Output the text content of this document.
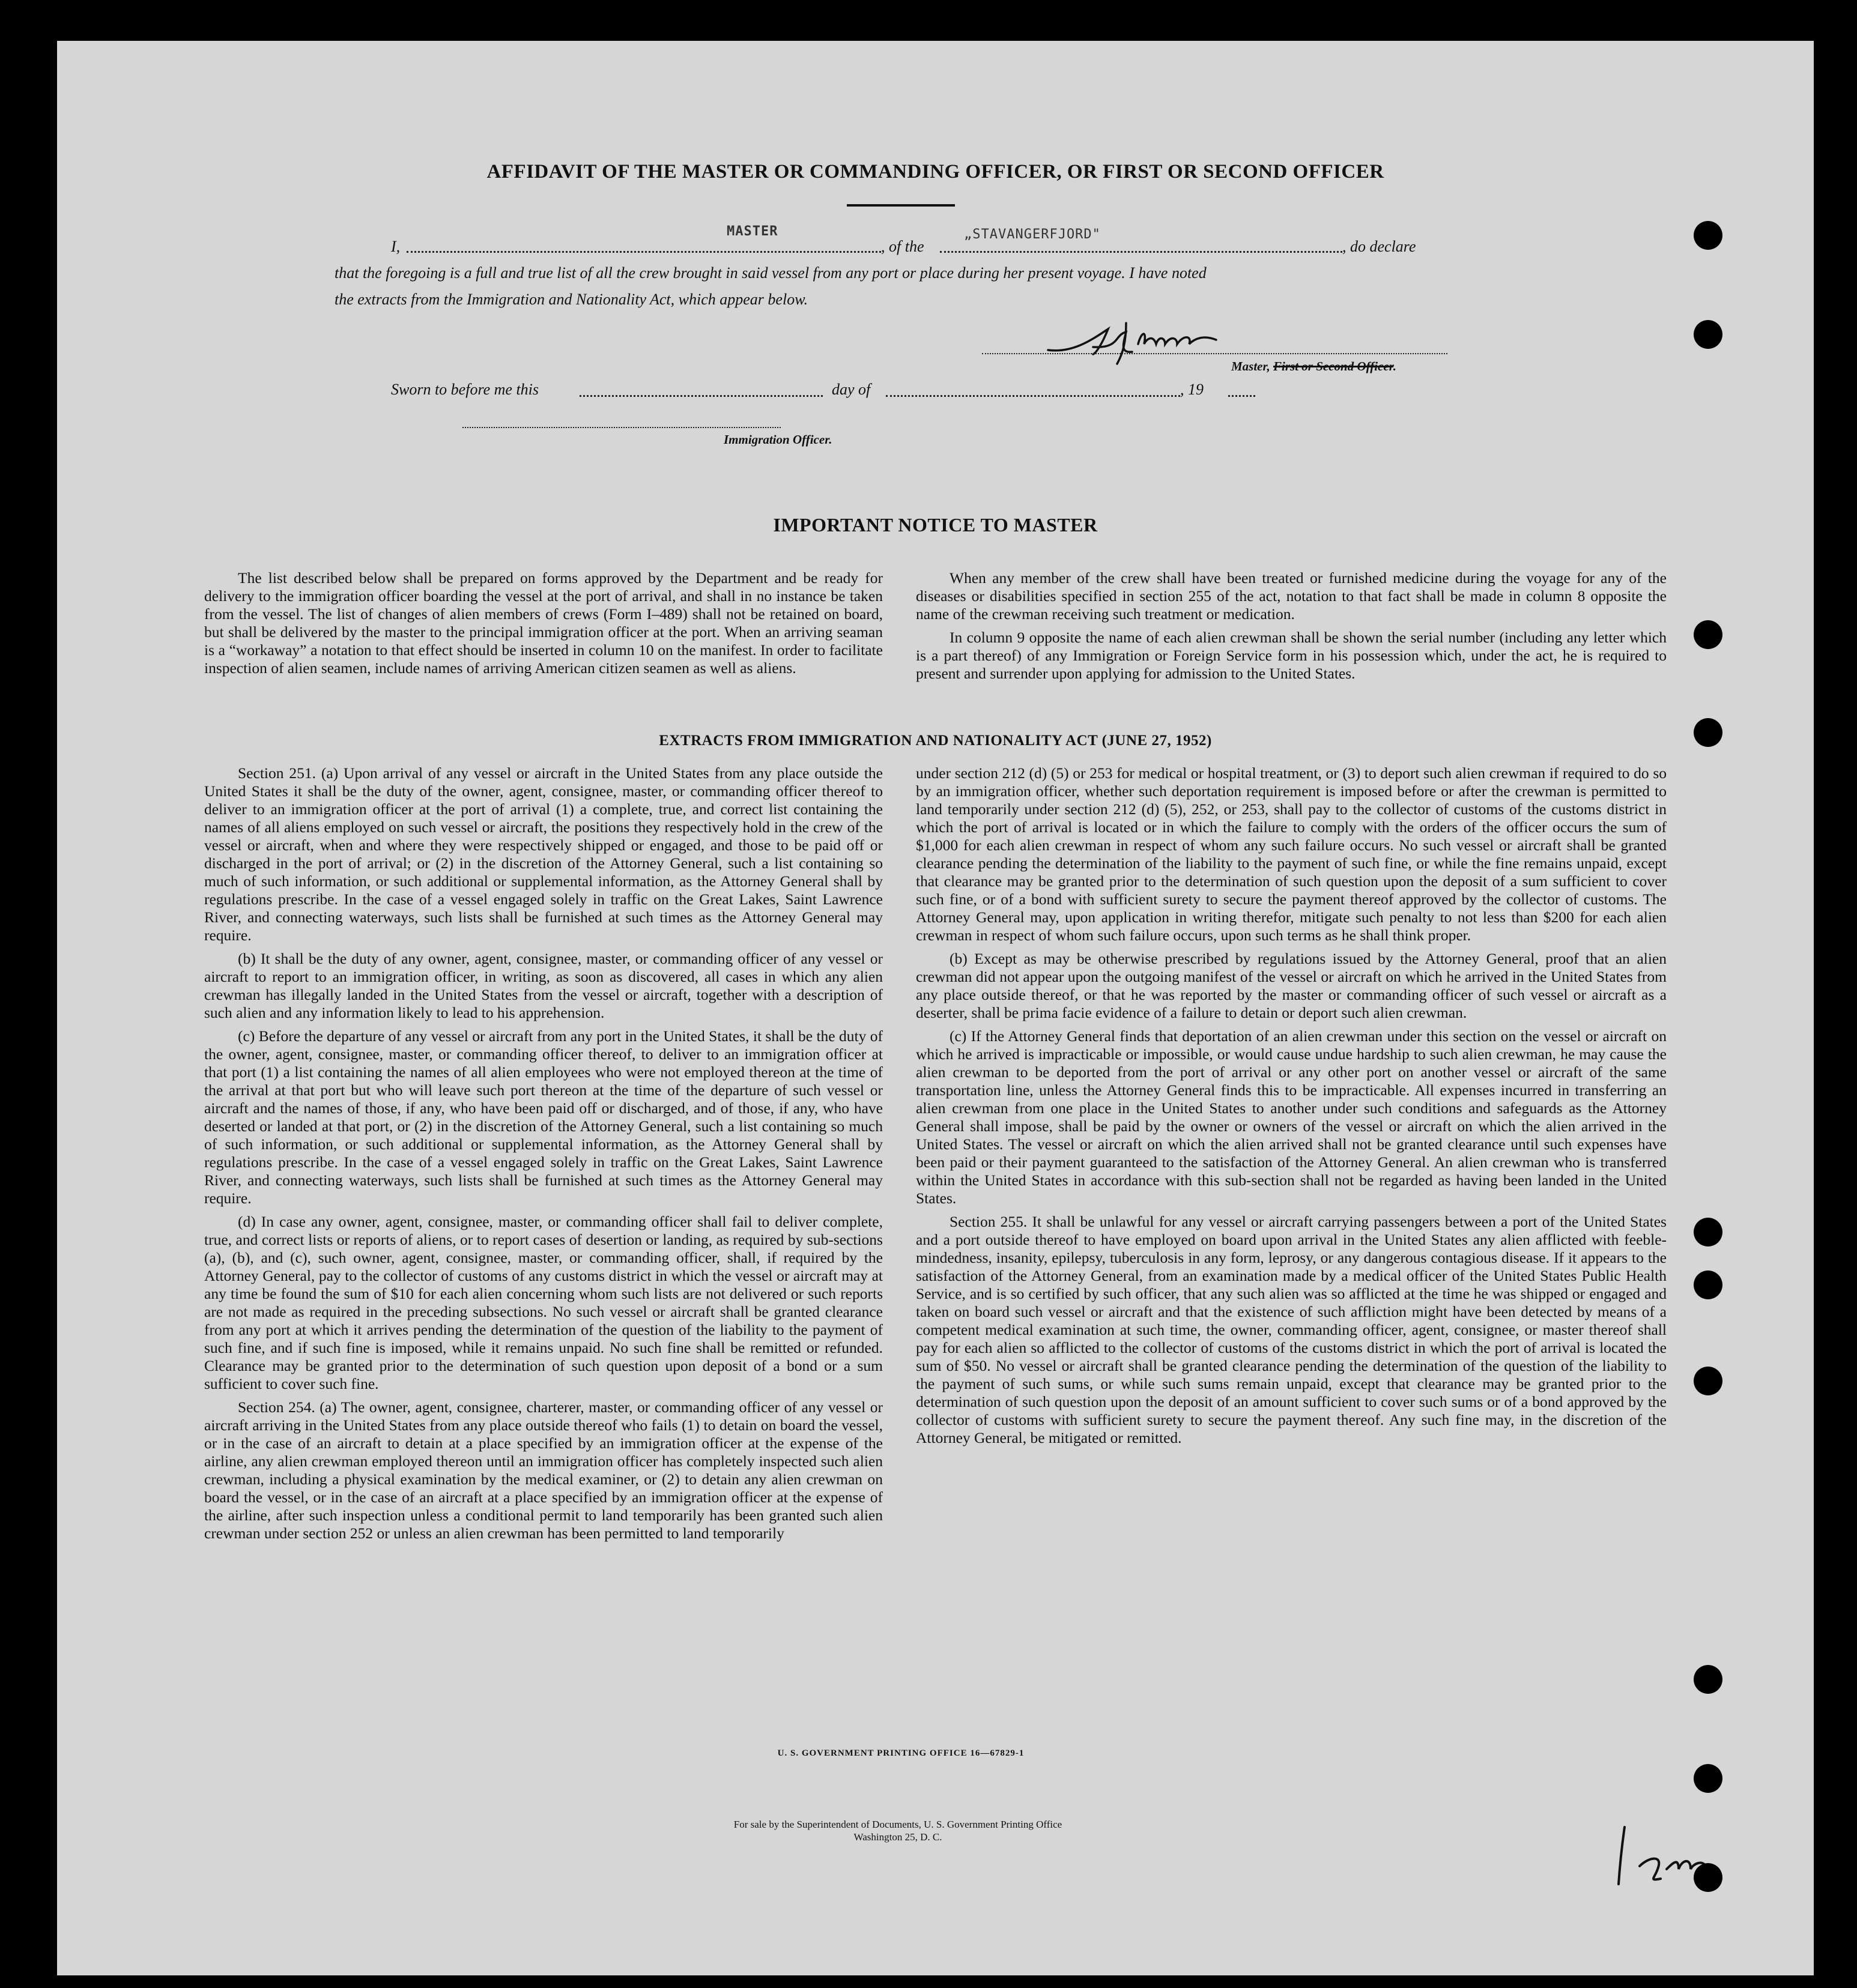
AFFIDAVIT OF THE MASTER OR COMMANDING OFFICER, OR FIRST OR SECOND OFFICER
I,
MASTER
, of the
„STAVANGERFJORD"
, do declare
that the foregoing is a full and true list of all the crew brought in said vessel from any port or place during her present voyage. I have noted
the extracts from the Immigration and Nationality Act, which appear below.
Master, First or Second Officer.
Sworn to before me this	day of	, 19
Immigration Officer.
IMPORTANT NOTICE TO MASTER

The list described below shall be prepared on forms approved by the Department and be ready for delivery to the immigration officer boarding the vessel at the port of arrival, and shall in no instance be taken from the vessel. The list of changes of alien members of crews (Form I–489) shall not be retained on board, but shall be delivered by the master to the principal immigration officer at the port. When an arriving seaman is a “workaway” a notation to that effect should be inserted in column 10 on the manifest. In order to facilitate inspection of alien seamen, include names of arriving American citizen seamen as well as aliens.

When any member of the crew shall have been treated or furnished medicine during the voyage for any of the diseases or disabilities specified in section 255 of the act, notation to that fact shall be made in column 8 opposite the name of the crewman receiving such treatment or medication.

In column 9 opposite the name of each alien crewman shall be shown the serial number (including any letter which is a part thereof) of any Immigration or Foreign Service form in his possession which, under the act, he is required to present and surrender upon applying for admission to the United States.

EXTRACTS FROM IMMIGRATION AND NATIONALITY ACT (JUNE 27, 1952)

Section 251. (a) Upon arrival of any vessel or aircraft in the United States from any place outside the United States it shall be the duty of the owner, agent, consignee, master, or commanding officer thereof to deliver to an immigration officer at the port of arrival (1) a complete, true, and correct list containing the names of all aliens employed on such vessel or aircraft, the positions they respectively hold in the crew of the vessel or aircraft, when and where they were respectively shipped or engaged, and those to be paid off or discharged in the port of arrival; or (2) in the discretion of the Attorney General, such a list containing so much of such information, or such additional or supplemental information, as the Attorney General shall by regulations prescribe. In the case of a vessel engaged solely in traffic on the Great Lakes, Saint Lawrence River, and connecting waterways, such lists shall be furnished at such times as the Attorney General may require.

(b) It shall be the duty of any owner, agent, consignee, master, or commanding officer of any vessel or aircraft to report to an immigration officer, in writing, as soon as discovered, all cases in which any alien crewman has illegally landed in the United States from the vessel or aircraft, together with a description of such alien and any information likely to lead to his apprehension.

(c) Before the departure of any vessel or aircraft from any port in the United States, it shall be the duty of the owner, agent, consignee, master, or commanding officer thereof, to deliver to an immigration officer at that port (1) a list containing the names of all alien employees who were not employed thereon at the time of the arrival at that port but who will leave such port thereon at the time of the departure of such vessel or aircraft and the names of those, if any, who have been paid off or discharged, and of those, if any, who have deserted or landed at that port, or (2) in the discretion of the Attorney General, such a list containing so much of such information, or such additional or supplemental information, as the Attorney General shall by regulations prescribe. In the case of a vessel engaged solely in traffic on the Great Lakes, Saint Lawrence River, and connecting waterways, such lists shall be furnished at such times as the Attorney General may require.

(d) In case any owner, agent, consignee, master, or commanding officer shall fail to deliver complete, true, and correct lists or reports of aliens, or to report cases of desertion or landing, as required by sub-sections (a), (b), and (c), such owner, agent, consignee, master, or commanding officer, shall, if required by the Attorney General, pay to the collector of customs of any customs district in which the vessel or aircraft may at any time be found the sum of $10 for each alien concerning whom such lists are not delivered or such reports are not made as required in the preceding subsections. No such vessel or aircraft shall be granted clearance from any port at which it arrives pending the determination of the question of the liability to the payment of such fine, and if such fine is imposed, while it remains unpaid. No such fine shall be remitted or refunded. Clearance may be granted prior to the determination of such question upon deposit of a bond or a sum sufficient to cover such fine.

Section 254. (a) The owner, agent, consignee, charterer, master, or commanding officer of any vessel or aircraft arriving in the United States from any place outside thereof who fails (1) to detain on board the vessel, or in the case of an aircraft to detain at a place specified by an immigration officer at the expense of the airline, any alien crewman employed thereon until an immigration officer has completely inspected such alien crewman, including a physical examination by the medical examiner, or (2) to detain any alien crewman on board the vessel, or in the case of an aircraft at a place specified by an immigration officer at the expense of the airline, after such inspection unless a conditional permit to land temporarily has been granted such alien crewman under section 252 or unless an alien crewman has been permitted to land temporarily

under section 212 (d) (5) or 253 for medical or hospital treatment, or (3) to deport such alien crewman if required to do so by an immigration officer, whether such deportation requirement is imposed before or after the crewman is permitted to land temporarily under section 212 (d) (5), 252, or 253, shall pay to the collector of customs of the customs district in which the port of arrival is located or in which the failure to comply with the orders of the officer occurs the sum of $1,000 for each alien crewman in respect of whom any such failure occurs. No such vessel or aircraft shall be granted clearance pending the determination of the liability to the payment of such fine, or while the fine remains unpaid, except that clearance may be granted prior to the determination of such question upon the deposit of a sum sufficient to cover such fine, or of a bond with sufficient surety to secure the payment thereof approved by the collector of customs. The Attorney General may, upon application in writing therefor, mitigate such penalty to not less than $200 for each alien crewman in respect of whom such failure occurs, upon such terms as he shall think proper.

(b) Except as may be otherwise prescribed by regulations issued by the Attorney General, proof that an alien crewman did not appear upon the outgoing manifest of the vessel or aircraft on which he arrived in the United States from any place outside thereof, or that he was reported by the master or commanding officer of such vessel or aircraft as a deserter, shall be prima facie evidence of a failure to detain or deport such alien crewman.

(c) If the Attorney General finds that deportation of an alien crewman under this section on the vessel or aircraft on which he arrived is impracticable or impossible, or would cause undue hardship to such alien crewman, he may cause the alien crewman to be deported from the port of arrival or any other port on another vessel or aircraft of the same transportation line, unless the Attorney General finds this to be impracticable. All expenses incurred in transferring an alien crewman from one place in the United States to another under such conditions and safeguards as the Attorney General shall impose, shall be paid by the owner or owners of the vessel or aircraft on which the alien arrived in the United States. The vessel or aircraft on which the alien arrived shall not be granted clearance until such expenses have been paid or their payment guaranteed to the satisfaction of the Attorney General. An alien crewman who is transferred within the United States in accordance with this sub-section shall not be regarded as having been landed in the United States.

Section 255. It shall be unlawful for any vessel or aircraft carrying passengers between a port of the United States and a port outside thereof to have employed on board upon arrival in the United States any alien afflicted with feeble-mindedness, insanity, epilepsy, tuberculosis in any form, leprosy, or any dangerous contagious disease. If it appears to the satisfaction of the Attorney General, from an examination made by a medical officer of the United States Public Health Service, and is so certified by such officer, that any such alien was so afflicted at the time he was shipped or engaged and taken on board such vessel or aircraft and that the existence of such affliction might have been detected by means of a competent medical examination at such time, the owner, commanding officer, agent, consignee, or master thereof shall pay for each alien so afflicted to the collector of customs of the customs district in which the port of arrival is located the sum of $50. No vessel or aircraft shall be granted clearance pending the determination of the question of the liability to the payment of such sums, or while such sums remain unpaid, except that clearance may be granted prior to the determination of such question upon the deposit of an amount sufficient to cover such sums or of a bond approved by the collector of customs with sufficient surety to secure the payment thereof. Any such fine may, in the discretion of the Attorney General, be mitigated or remitted.

U. S. GOVERNMENT PRINTING OFFICE 16—67829-1
For sale by the Superintendent of Documents, U. S. Government Printing Office
Washington 25, D. C.
